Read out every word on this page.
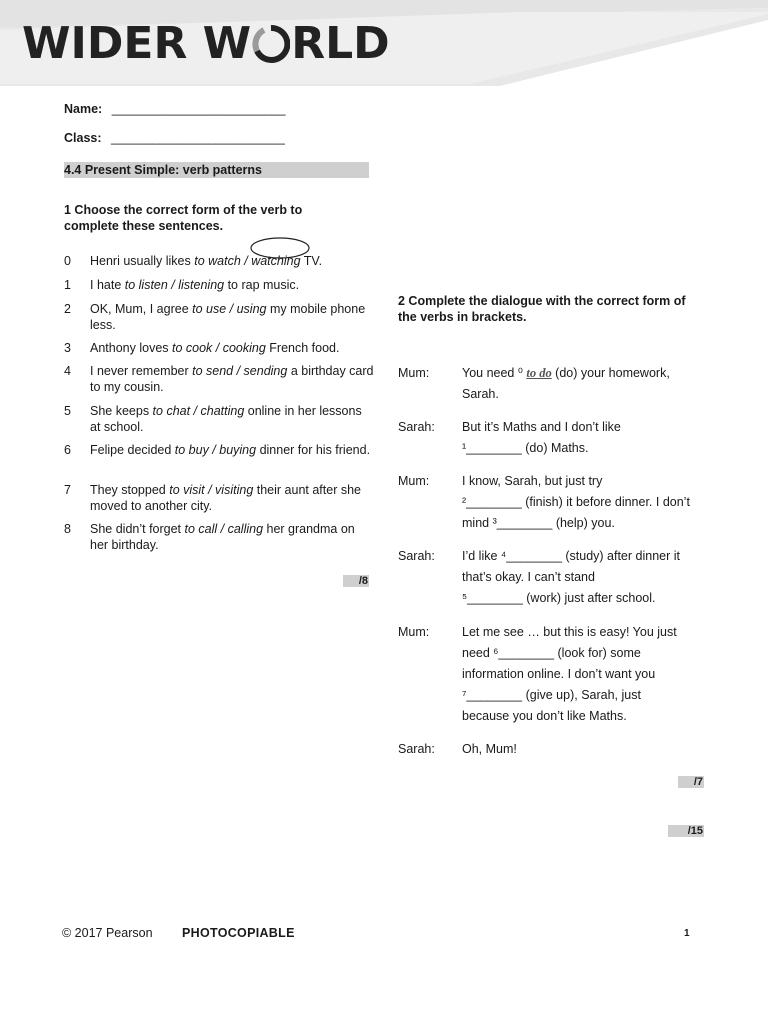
WIDER W RLD
Name: _________________________
Class: _________________________
4.4 Present Simple: verb patterns
1 Choose the correct form of the verb to
complete these sentences.
0	Henri usually likes to watch / watching TV.
1	I hate to listen / listening to rap music.
2	OK, Mum, I agree to use / using my mobile phone less.
3	Anthony loves to cook / cooking French food.
4	I never remember to send / sending a birthday card to my cousin.
5	She keeps to chat / chatting online in her lessons at school.
6	Felipe decided to buy / buying dinner for his friend.
7	They stopped to visit / visiting their aunt after she moved to another city.
8	She didn’t forget to call / calling her grandma on her birthday.
/8
2 Complete the dialogue with the correct form of
the verbs in brackets.
Mum:	You need ⁰ to do (do) your homework,
Sarah.
Sarah: But it’s Maths and I don’t like
¹________ (do) Maths.
Mum:	I know, Sarah, but just try
²________ (finish) it before dinner. I don’t
mind ³________ (help) you.
Sarah: I’d like ⁴________ (study) after dinner it
that’s okay. I can’t stand
⁵________ (work) just after school.
Mum:	Let me see … but this is easy! You just
need ⁶________ (look for) some
information online. I don’t want you
⁷________ (give up), Sarah, just
because you don’t like Maths.
Sarah: Oh, Mum!
/7
/15
© 2017 Pearson PHOTOCOPIABLE	1
